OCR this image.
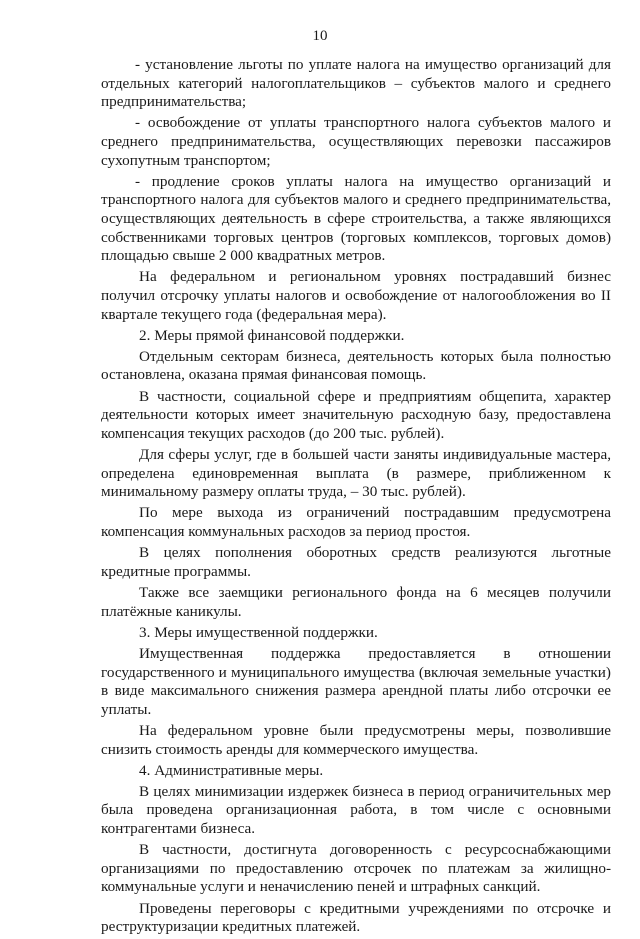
10

- установление льготы по уплате налога на имущество организаций для отдельных категорий налогоплательщиков – субъектов малого и среднего предпринимательства;

- освобождение от уплаты транспортного налога субъектов малого и среднего предпринимательства, осуществляющих перевозки пассажиров сухопутным транспортом;

- продление сроков уплаты налога на имущество организаций и транспортного налога для субъектов малого и среднего предпринимательства, осуществляющих деятельность в сфере строительства, а также являющихся собственниками торговых центров (торговых комплексов, торговых домов) площадью свыше 2 000 квадратных метров.

На федеральном и региональном уровнях пострадавший бизнес получил отсрочку уплаты налогов и освобождение от налогообложения во II квартале текущего года (федеральная мера).

2. Меры прямой финансовой поддержки.

Отдельным секторам бизнеса, деятельность которых была полностью остановлена, оказана прямая финансовая помощь.

В частности, социальной сфере и предприятиям общепита, характер деятельности которых имеет значительную расходную базу, предоставлена компенсация текущих расходов (до 200 тыс. рублей).

Для сферы услуг, где в большей части заняты индивидуальные мастера, определена единовременная выплата (в размере, приближенном к минимальному размеру оплаты труда, – 30 тыс. рублей).

По мере выхода из ограничений пострадавшим предусмотрена компенсация коммунальных расходов за период простоя.

В целях пополнения оборотных средств реализуются льготные кредитные программы.

Также все заемщики регионального фонда на 6 месяцев получили платёжные каникулы.

3. Меры имущественной поддержки.

Имущественная поддержка предоставляется в отношении государственного и муниципального имущества (включая земельные участки) в виде максимального снижения размера арендной платы либо отсрочки ее уплаты.

На федеральном уровне были предусмотрены меры, позволившие снизить стоимость аренды для коммерческого имущества.

4. Административные меры.

В целях минимизации издержек бизнеса в период ограничительных мер была проведена организационная работа, в том числе с основными контрагентами бизнеса.

В частности, достигнута договоренность с ресурсоснабжающими организациями по предоставлению отсрочек по платежам за жилищно-коммунальные услуги и неначислению пеней и штрафных санкций.

Проведены переговоры с кредитными учреждениями по отсрочке и реструктуризации кредитных платежей.
